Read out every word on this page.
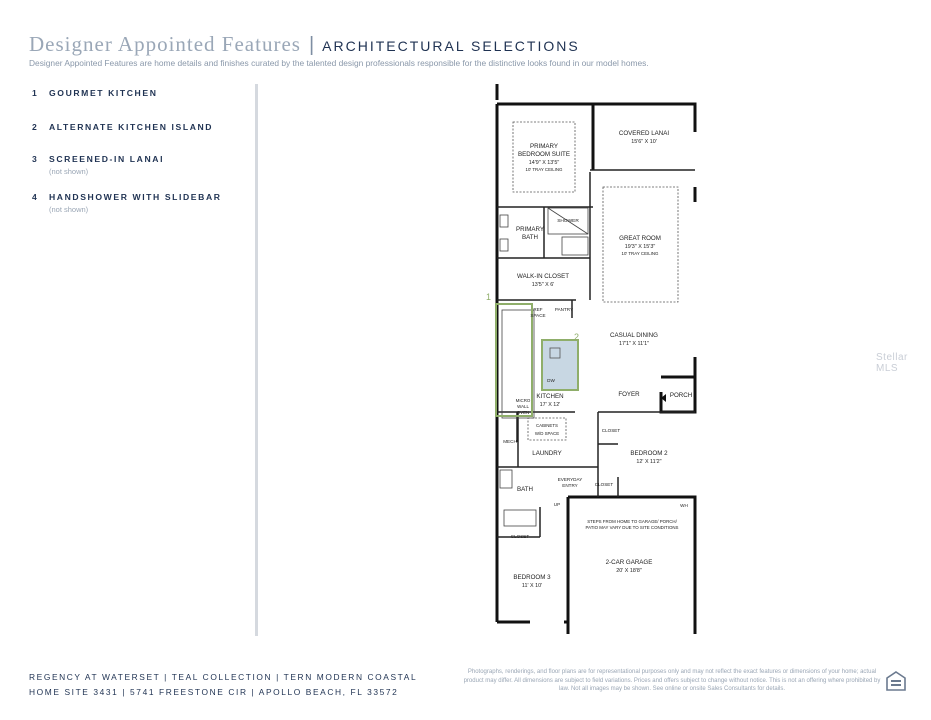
Designer Appointed Features | ARCHITECTURAL SELECTIONS
Designer Appointed Features are home details and finishes curated by the talented design professionals responsible for the distinctive looks found in our model homes.
1	GOURMET KITCHEN
2	ALTERNATE KITCHEN ISLAND
3	SCREENED-IN LANAI
(not shown)
4	HANDSHOWER WITH SLIDEBAR
(not shown)
1
2
COVERED LANAI
15'6" X 10'
PRIMARY
BEDROOM SUITE
14'9" X 13'5"
10' TRAY CEILING
GREAT ROOM
19'3" X 15'3"
10' TRAY CEILING
SHOWER
PRIMARY
BATH
WALK-IN CLOSET
13'5" X 6'
REF
SPACE
PANTRY
CASUAL DINING
17'1" X 11'1"
DW
MICRO
WALL
OVEN
KITCHEN
17' X 12'
FOYER	PORCH
CABINETS
W/D SPACE
CLOSET
MECH
LAUNDRY	BEDROOM 2
12' X 11'2"
EVERYDAY
ENTRY	CLOSET
UP	WH
BATH
STEPS FROM HOME TO GARAGE/ PORCH/
PATIO MAY VARY DUE TO SITE CONDITIONS
CLOSET
2-CAR GARAGE
20' X 18'8"
BEDROOM 3
11' X 10'
Stellar MLS
REGENCY AT WATERSET | TEAL COLLECTION | TERN MODERN COASTAL
HOME SITE 3431 | 5741 FREESTONE CIR | APOLLO BEACH, FL 33572
Photographs, renderings, and floor plans are for representational purposes only and may not reflect the exact features or dimensions of your home; actual product may differ. All dimensions are subject to field variations. Prices and offers subject to change without notice. This is not an offering where prohibited by law. Not all images may be shown. See online or onsite Sales Consultants for details.
